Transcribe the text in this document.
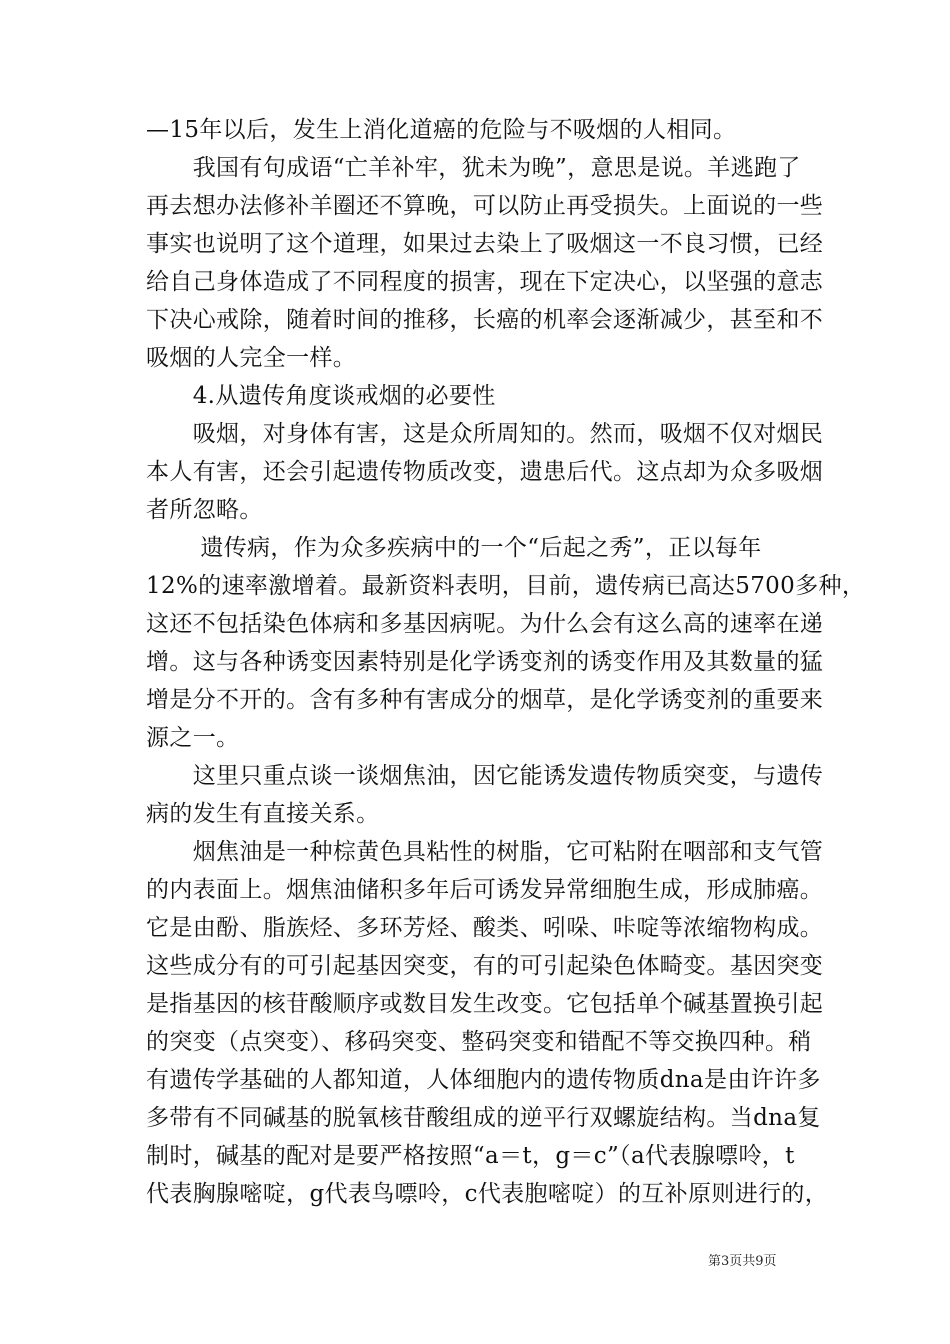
—15年以后，发生上消化道癌的危险与不吸烟的人相同。
　　我国有句成语“亡羊补牢，犹未为晚”，意思是说。羊逃跑了
再去想办法修补羊圈还不算晚，可以防止再受损失。上面说的一些
事实也说明了这个道理，如果过去染上了吸烟这一不良习惯，已经
给自己身体造成了不同程度的损害，现在下定决心，以坚强的意志
下决心戒除，随着时间的推移，长癌的机率会逐渐减少，甚至和不
吸烟的人完全一样。
　　4.从遗传角度谈戒烟的必要性
　　吸烟，对身体有害，这是众所周知的。然而，吸烟不仅对烟民
本人有害，还会引起遗传物质改变，遗患后代。这点却为众多吸烟
者所忽略。
　　 遗传病，作为众多疾病中的一个“后起之秀”，正以每年
12%的速率激增着。最新资料表明，目前，遗传病已高达5700多种，
这还不包括染色体病和多基因病呢。为什么会有这么高的速率在递
增。这与各种诱变因素特别是化学诱变剂的诱变作用及其数量的猛
增是分不开的。含有多种有害成分的烟草，是化学诱变剂的重要来
源之一。
　　这里只重点谈一谈烟焦油，因它能诱发遗传物质突变，与遗传
病的发生有直接关系。
　　烟焦油是一种棕黄色具粘性的树脂，它可粘附在咽部和支气管
的内表面上。烟焦油储积多年后可诱发异常细胞生成，形成肺癌。
它是由酚、脂族烃、多环芳烃、酸类、吲哚、咔啶等浓缩物构成。
这些成分有的可引起基因突变，有的可引起染色体畸变。基因突变
是指基因的核苷酸顺序或数目发生改变。它包括单个碱基置换引起
的突变（点突变）、移码突变、整码突变和错配不等交换四种。稍
有遗传学基础的人都知道，人体细胞内的遗传物质dna是由许许多
多带有不同碱基的脱氧核苷酸组成的逆平行双螺旋结构。当dna复
制时，碱基的配对是要严格按照“a＝t，g＝c”（a代表腺嘌呤，t
代表胸腺嘧啶，g代表鸟嘌呤，c代表胞嘧啶）的互补原则进行的，
第3页共9页
